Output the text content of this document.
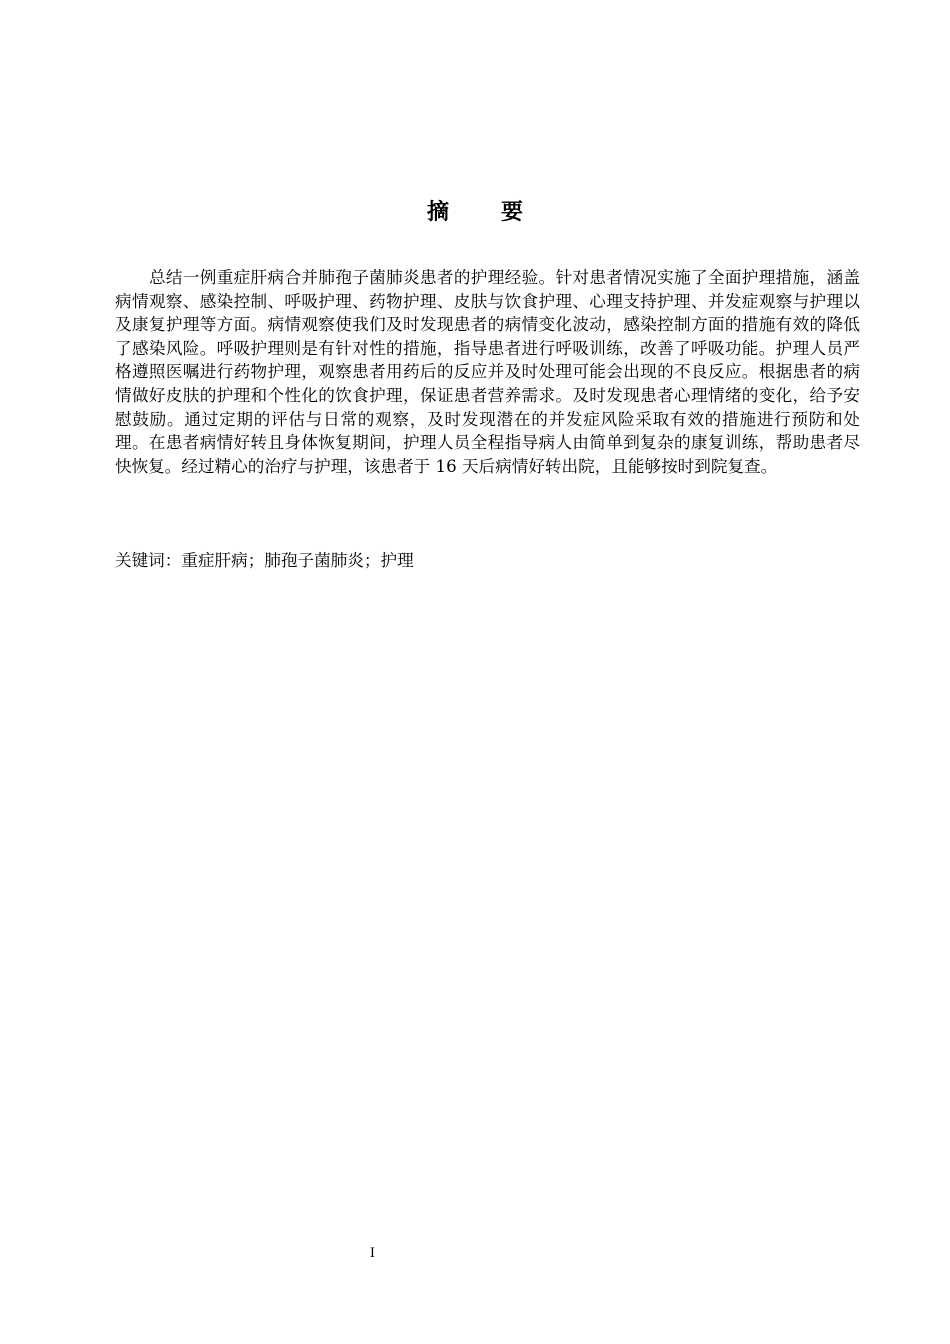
摘 要

总结一例重症肝病合并肺孢子菌肺炎患者的护理经验。针对患者情况实施了全面护理措施，涵盖病情观察、感染控制、呼吸护理、药物护理、皮肤与饮食护理、心理支持护理、并发症观察与护理以及康复护理等方面。病情观察使我们及时发现患者的病情变化波动，感染控制方面的措施有效的降低了感染风险。呼吸护理则是有针对性的措施，指导患者进行呼吸训练，改善了呼吸功能。护理人员严格遵照医嘱进行药物护理，观察患者用药后的反应并及时处理可能会出现的不良反应。根据患者的病情做好皮肤的护理和个性化的饮食护理，保证患者营养需求。及时发现患者心理情绪的变化，给予安慰鼓励。通过定期的评估与日常的观察，及时发现潜在的并发症风险采取有效的措施进行预防和处理。在患者病情好转且身体恢复期间，护理人员全程指导病人由简单到复杂的康复训练，帮助患者尽快恢复。经过精心的治疗与护理，该患者于 16 天后病情好转出院，且能够按时到院复查。

关键词：重症肝病；肺孢子菌肺炎；护理

I
